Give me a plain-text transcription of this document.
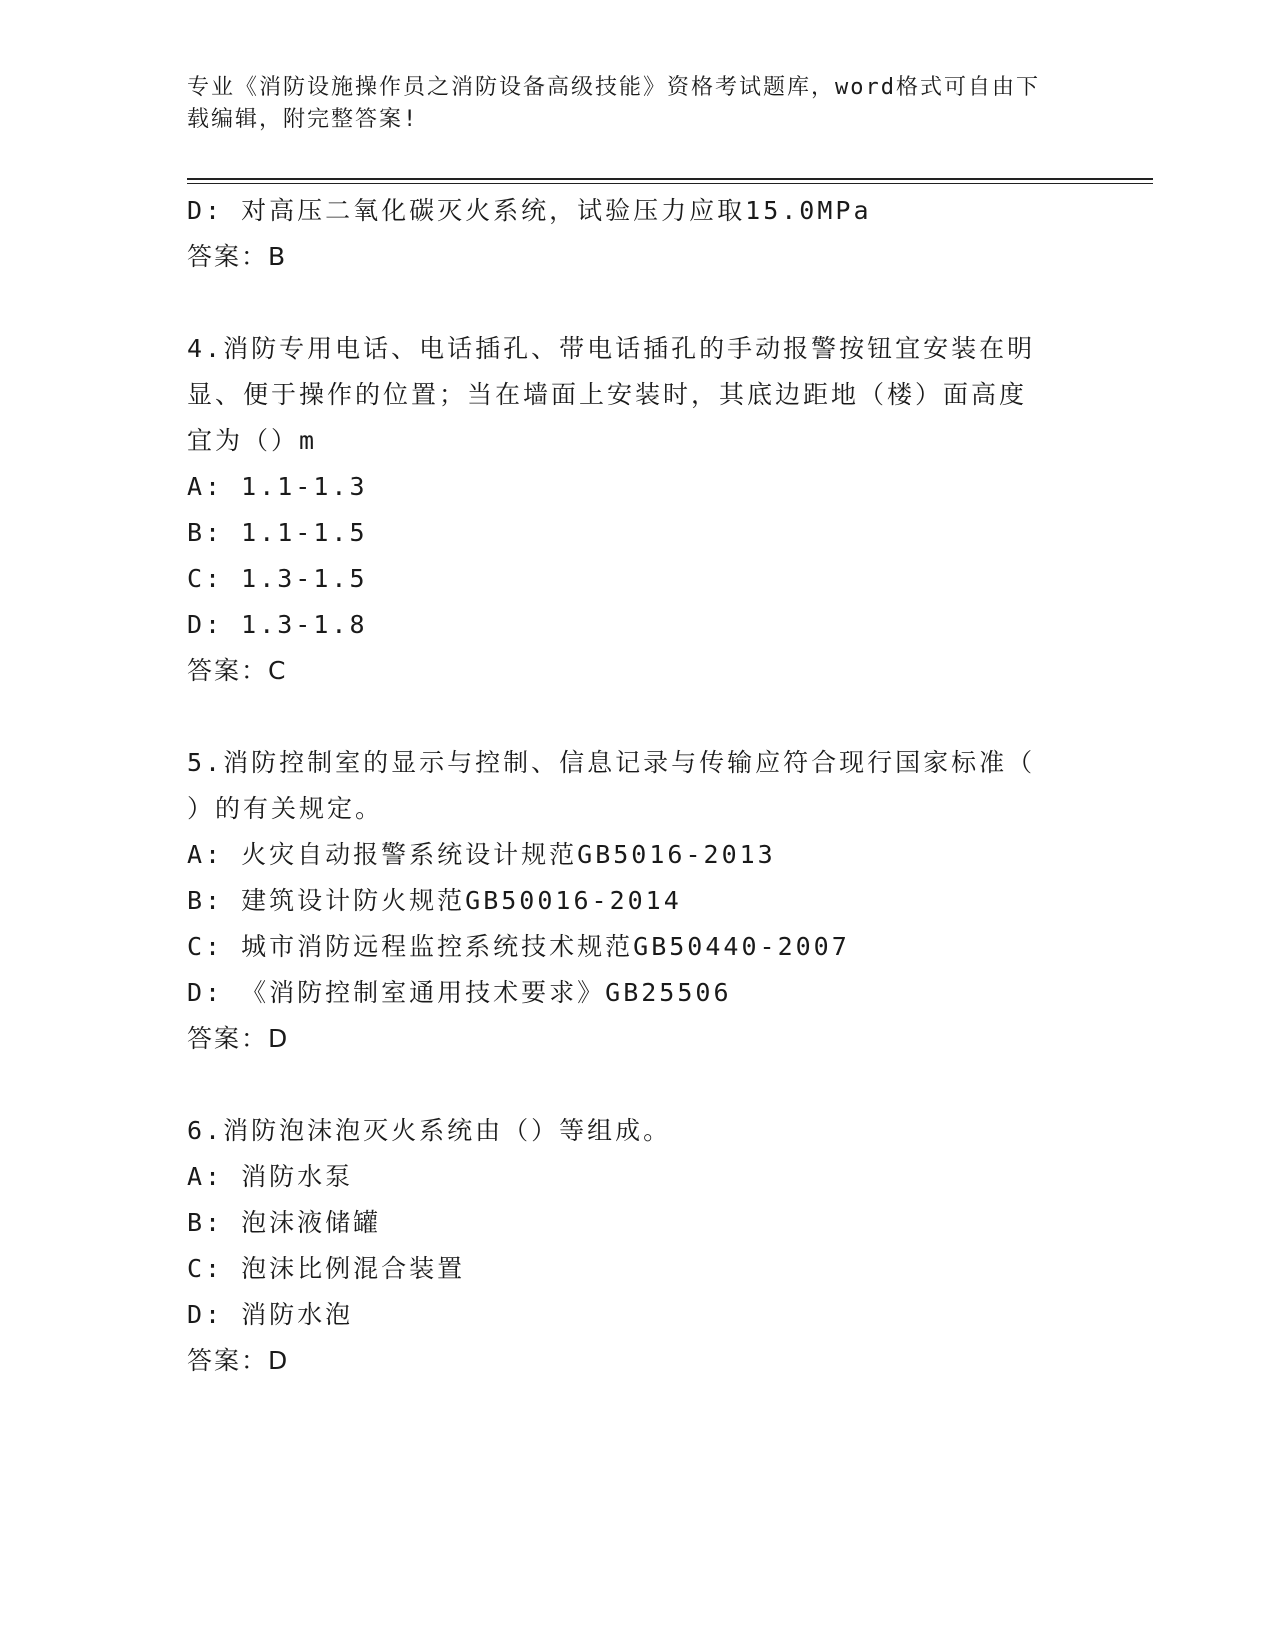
专业《消防设施操作员之消防设备高级技能》资格考试题库，word格式可自由下
载编辑，附完整答案!
D: 对高压二氧化碳灭火系统，试验压力应取15.0MPa
答案：B
4.消防专用电话、电话插孔、带电话插孔的手动报警按钮宜安装在明
显、便于操作的位置；当在墙面上安装时，其底边距地（楼）面高度
宜为（）m
A: 1.1-1.3
B: 1.1-1.5
C: 1.3-1.5
D: 1.3-1.8
答案：C
5.消防控制室的显示与控制、信息记录与传输应符合现行国家标准（
）的有关规定。
A: 火灾自动报警系统设计规范GB5016-2013
B: 建筑设计防火规范GB50016-2014
C: 城市消防远程监控系统技术规范GB50440-2007
D: 《消防控制室通用技术要求》GB25506
答案：D
6.消防泡沫泡灭火系统由（）等组成。
A: 消防水泵
B: 泡沫液储罐
C: 泡沫比例混合装置
D: 消防水泡
答案：D
